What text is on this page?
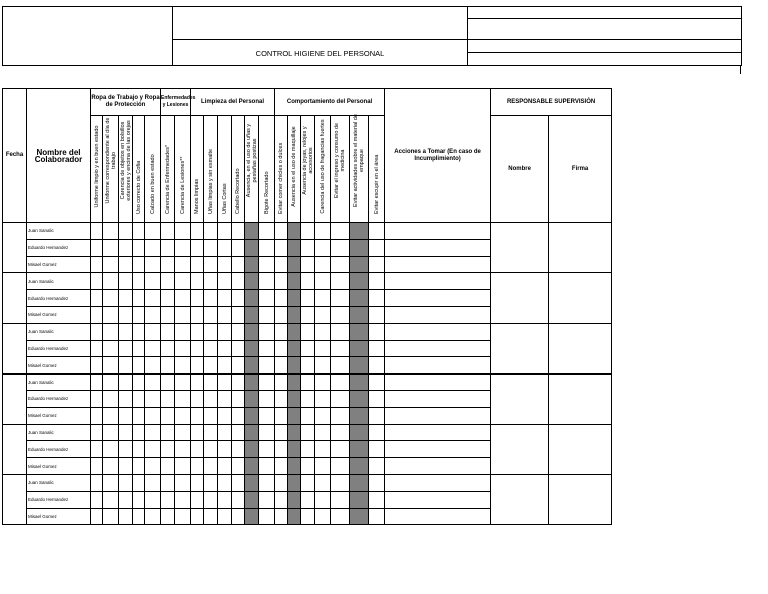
CONTROL HIGIENE DEL PERSONAL
Fecha	Nombre del Colaborador	Ropa de Trabajo y Ropa de Protección					Enfermedades y Lesiones		Limpieza del Personal						Comportamiento del Personal							Acciones a Tomar (En caso de Incumplimiento)	RESPONSABLE SUPERVISIÓN	

		Uniforme limpio y en buen estado	Uniforme correspondiente al día de trabajo	Carencia de objetos en bolsillos exteriores y encima de las orejas	Uso correcto de Cofia	Calzado en buen estado	Carencia de Enfermedades*	Carencia de Lesiones**	Manos limpias	Uñas limpias y sin esmalte	Uñas Cortas	Cabello Recortado	Ausencia, en el uso de uñas y pestañas postizas	Bigote Recortado	Evitar comer chicles o dulces	Ausencia en el uso de maquillaje	Ausencia de joyas, relojes y accesorios	Carencia del uso de fragancias fuertes	Evitar el ingreso y consumo de medicina	Evitar actividades sobre el material de empaque	Evitar escupir en el área		Nombre	Firma
	Juan Sanalic																							
	Eduardo Hernandez																							
	Misael Gomez																							
	Juan Sanalic																							
	Eduardo Hernandez																							
	Misael Gomez																							
	Juan Sanalic																							
	Eduardo Hernandez																							
	Misael Gomez																							
	Juan Sanalic																							
	Eduardo Hernandez																							
	Misael Gomez																							
	Juan Sanalic																							
	Eduardo Hernandez																							
	Misael Gomez																							
	Juan Sanalic																							
	Eduardo Hernandez																							
	Misael Gomez																							
